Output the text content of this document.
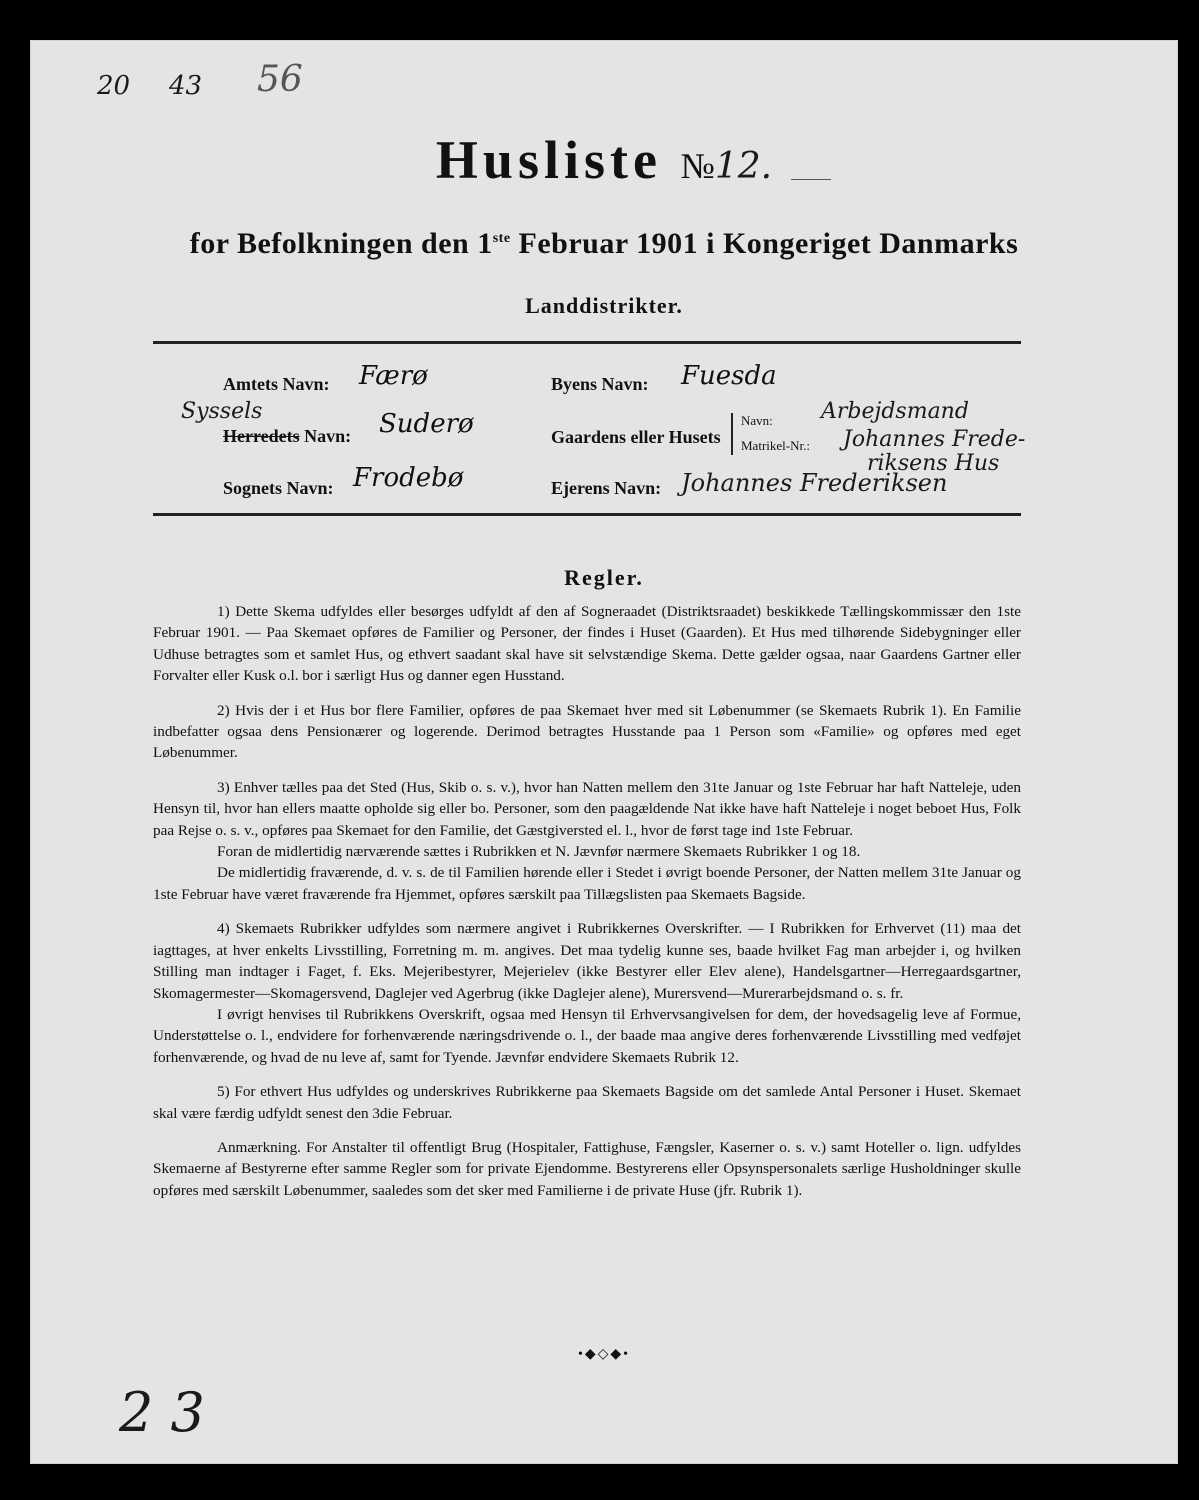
20 43 56
Husliste №12.
for Befolkningen den 1ste Februar 1901 i Kongeriget Danmarks
Landdistrikter.
Amtets Navn: Færø
Syssels
Herredets Navn: Suderø
Sognets Navn: Frodebø
Byens Navn: Fuesda
Gaardens eller Husets
Navn:
Matrikel-Nr.:
Arbejdsmand
Johannes Frede-
riksens Hus
Ejerens Navn: Johannes Frederiksen
Regler.

1) Dette Skema udfyldes eller besørges udfyldt af den af Sogneraadet (Distriktsraadet) beskikkede Tællingskommissær den 1ste Februar 1901. — Paa Skemaet opføres de Familier og Personer, der findes i Huset (Gaarden). Et Hus med tilhørende Sidebygninger eller Udhuse betragtes som et samlet Hus, og ethvert saadant skal have sit selvstændige Skema. Dette gælder ogsaa, naar Gaardens Gartner eller Forvalter eller Kusk o.l. bor i særligt Hus og danner egen Husstand.

2) Hvis der i et Hus bor flere Familier, opføres de paa Skemaet hver med sit Løbenummer (se Skemaets Rubrik 1). En Familie indbefatter ogsaa dens Pensionærer og logerende. Derimod betragtes Husstande paa 1 Person som «Familie» og opføres med eget Løbenummer.

3) Enhver tælles paa det Sted (Hus, Skib o. s. v.), hvor han Natten mellem den 31te Januar og 1ste Februar har haft Natteleje, uden Hensyn til, hvor han ellers maatte opholde sig eller bo. Personer, som den paagældende Nat ikke have haft Natteleje i noget beboet Hus, Folk paa Rejse o. s. v., opføres paa Skemaet for den Familie, det Gæstgiversted el. l., hvor de først tage ind 1ste Februar.

Foran de midlertidig nærværende sættes i Rubrikken et N. Jævnfør nærmere Skemaets Rubrikker 1 og 18.

De midlertidig fraværende, d. v. s. de til Familien hørende eller i Stedet i øvrigt boende Personer, der Natten mellem 31te Januar og 1ste Februar have været fraværende fra Hjemmet, opføres særskilt paa Tillægslisten paa Skemaets Bagside.

4) Skemaets Rubrikker udfyldes som nærmere angivet i Rubrikkernes Overskrifter. — I Rubrikken for Erhvervet (11) maa det iagttages, at hver enkelts Livsstilling, Forretning m. m. angives. Det maa tydelig kunne ses, baade hvilket Fag man arbejder i, og hvilken Stilling man indtager i Faget, f. Eks. Mejeribestyrer, Mejerielev (ikke Bestyrer eller Elev alene), Handelsgartner—Herregaardsgartner, Skomagermester—Skomagersvend, Daglejer ved Agerbrug (ikke Daglejer alene), Murersvend—Murerarbejdsmand o. s. fr.

I øvrigt henvises til Rubrikkens Overskrift, ogsaa med Hensyn til Erhvervsangivelsen for dem, der hovedsagelig leve af Formue, Understøttelse o. l., endvidere for forhenværende næringsdrivende o. l., der baade maa angive deres forhenværende Livsstilling med vedføjet forhenværende, og hvad de nu leve af, samt for Tyende. Jævnfør endvidere Skemaets Rubrik 12.

5) For ethvert Hus udfyldes og underskrives Rubrikkerne paa Skemaets Bagside om det samlede Antal Personer i Huset. Skemaet skal være færdig udfyldt senest den 3die Februar.

Anmærkning. For Anstalter til offentligt Brug (Hospitaler, Fattighuse, Fængsler, Kaserner o. s. v.) samt Hoteller o. lign. udfyldes Skemaerne af Bestyrerne efter samme Regler som for private Ejendomme. Bestyrerens eller Opsynspersonalets særlige Husholdninger skulle opføres med særskilt Løbenummer, saaledes som det sker med Familierne i de private Huse (jfr. Rubrik 1).

•◆◇◆•
2 3
